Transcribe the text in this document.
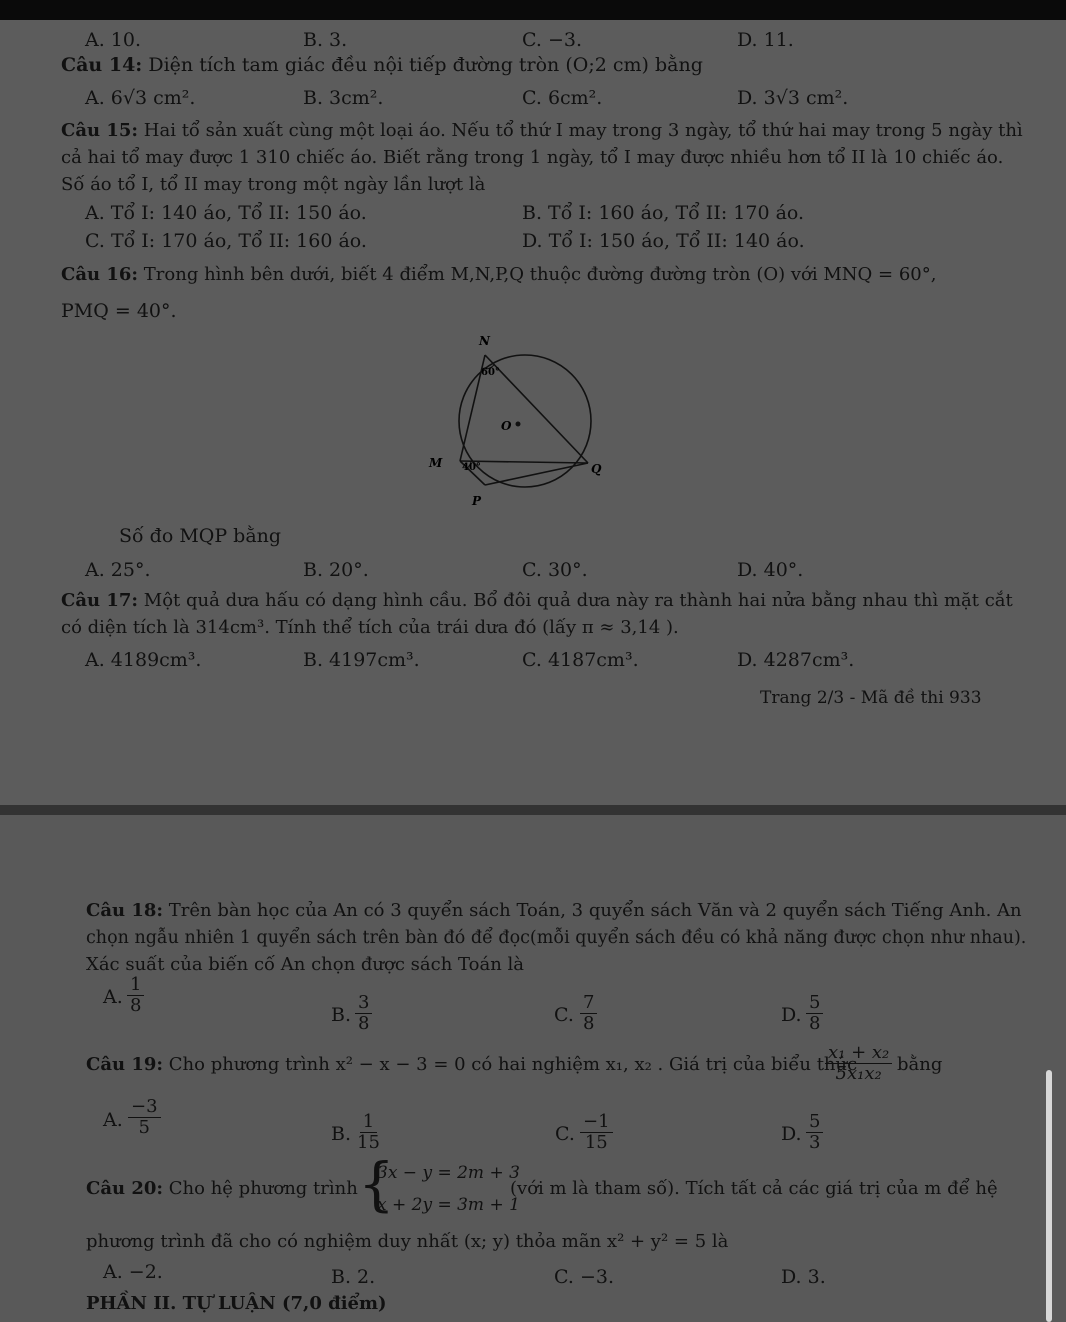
A. 10.	B. 3.	C. −3.	D. 11.
Câu 14: Diện tích tam giác đều nội tiếp đường tròn (O;2 cm) bằng
A. 6√3 cm².	B. 3cm².	C. 6cm².	D. 3√3 cm².
Câu 15: Hai tổ sản xuất cùng một loại áo. Nếu tổ thứ I may trong 3 ngày, tổ thứ hai may trong 5 ngày thì
cả hai tổ may được 1 310 chiếc áo. Biết rằng trong 1 ngày, tổ I may được nhiều hơn tổ II là 10 chiếc áo.
Số áo tổ I, tổ II may trong một ngày lần lượt là
A. Tổ I: 140 áo, Tổ II: 150 áo.	B. Tổ I: 160 áo, Tổ II: 170 áo.
C. Tổ I: 170 áo, Tổ II: 160 áo.	D. Tổ I: 150 áo, Tổ II: 140 áo.
Câu 16: Trong hình bên dưới, biết 4 điểm M,N,P,Q thuộc đường đường tròn (O) với MNQ = 60°,
PMQ = 40°.
N
M
P
Q
O
60°
40°
Số đo MQP bằng
A. 25°.	B. 20°.	C. 30°.	D. 40°.
Câu 17: Một quả dưa hấu có dạng hình cầu. Bổ đôi quả dưa này ra thành hai nửa bằng nhau thì mặt cắt
có diện tích là 314cm³. Tính thể tích của trái dưa đó (lấy π ≈ 3,14 ).
A. 4189cm³.	B. 4197cm³.	C. 4187cm³.	D. 4287cm³.
Trang 2/3 - Mã đề thi 933
Câu 18: Trên bàn học của An có 3 quyển sách Toán, 3 quyển sách Văn và 2 quyển sách Tiếng Anh. An
chọn ngẫu nhiên 1 quyển sách trên bàn đó để đọc(mỗi quyển sách đều có khả năng được chọn như nhau).
Xác suất của biến cố An chọn được sách Toán là
A. $\frac{1}{8}$	B. $\frac{3}{8}$	C. $\frac{7}{8}$	D. $\frac{5}{8}$
Câu 19: Cho phương trình x² − x − 3 = 0 có hai nghiệm x₁, x₂ . Giá trị của biểu thức
$\frac{\text{x₁ + x₂}}{\text{5x₁x₂}}$ bằng
A. $\frac{-3}{5}$	B. $\frac{1}{15}$	C. $\frac{-1}{15}$	D. $\frac{5}{3}$
Câu 20: Cho hệ phương trình {
3x − y = 2m + 3
x + 2y = 3m + 1
(với m là tham số). Tích tất cả các giá trị của m để hệ
phương trình đã cho có nghiệm duy nhất (x; y) thỏa mãn x² + y² = 5 là
A. −2.	B. 2.	C. −3.	D. 3.
PHẦN II. TỰ LUẬN (7,0 điểm)
